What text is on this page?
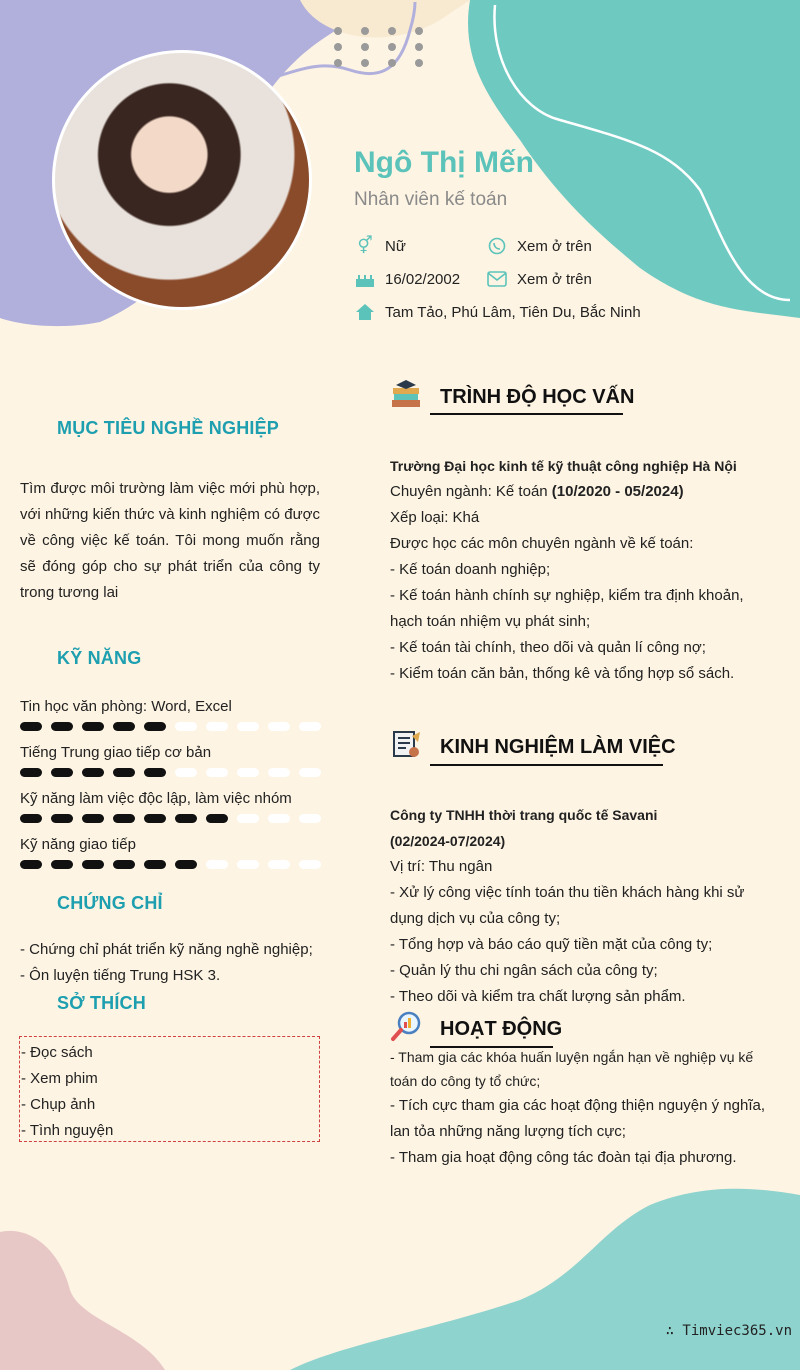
Ngô Thị Mến
Nhân viên kế toán
⚥ Nữ	Xem ở trên
16/02/2002	Xem ở trên
Tam Tảo, Phú Lâm, Tiên Du, Bắc Ninh
MỤC TIÊU NGHỀ NGHIỆP
Tìm được môi trường làm việc mới phù hợp, với những kiến thức và kinh nghiệm có được về công việc kế toán. Tôi mong muốn rằng sẽ đóng góp cho sự phát triển của công ty trong tương lai
KỸ NĂNG
Tin học văn phòng: Word, Excel
Tiếng Trung giao tiếp cơ bản
Kỹ năng làm việc độc lập, làm việc nhóm
Kỹ năng giao tiếp
CHỨNG CHỈ
- Chứng chỉ phát triển kỹ năng nghề nghiệp;
- Ôn luyện tiếng Trung HSK 3.
SỞ THÍCH
- Đọc sách
- Xem phim
- Chụp ảnh
- Tình nguyện
TRÌNH ĐỘ HỌC VẤN
Trường Đại học kinh tế kỹ thuật công nghiệp Hà Nội
Chuyên ngành: Kế toán (10/2020 - 05/2024)
Xếp loại: Khá
Được học các môn chuyên ngành về kế toán:
- Kế toán doanh nghiệp;
- Kế toán hành chính sự nghiệp, kiểm tra định khoản, hạch toán nhiệm vụ phát sinh;
- Kế toán tài chính, theo dõi và quản lí công nợ;
- Kiểm toán căn bản, thống kê và tổng hợp sổ sách.
KINH NGHIỆM LÀM VIỆC
Công ty TNHH thời trang quốc tế Savani
(02/2024-07/2024)
Vị trí: Thu ngân
- Xử lý công việc tính toán thu tiền khách hàng khi sử dụng dịch vụ của công ty;
- Tổng hợp và báo cáo quỹ tiền mặt của công ty;
- Quản lý thu chi ngân sách của công ty;
- Theo dõi và kiểm tra chất lượng sản phẩm.
HOẠT ĐỘNG
- Tham gia các khóa huấn luyện ngắn hạn về nghiệp vụ kế toán do công ty tổ chức;
- Tích cực tham gia các hoạt động thiện nguyện ý nghĩa, lan tỏa những năng lượng tích cực;
- Tham gia hoạt động công tác đoàn tại địa phương.
∴ Timviec365.vn
